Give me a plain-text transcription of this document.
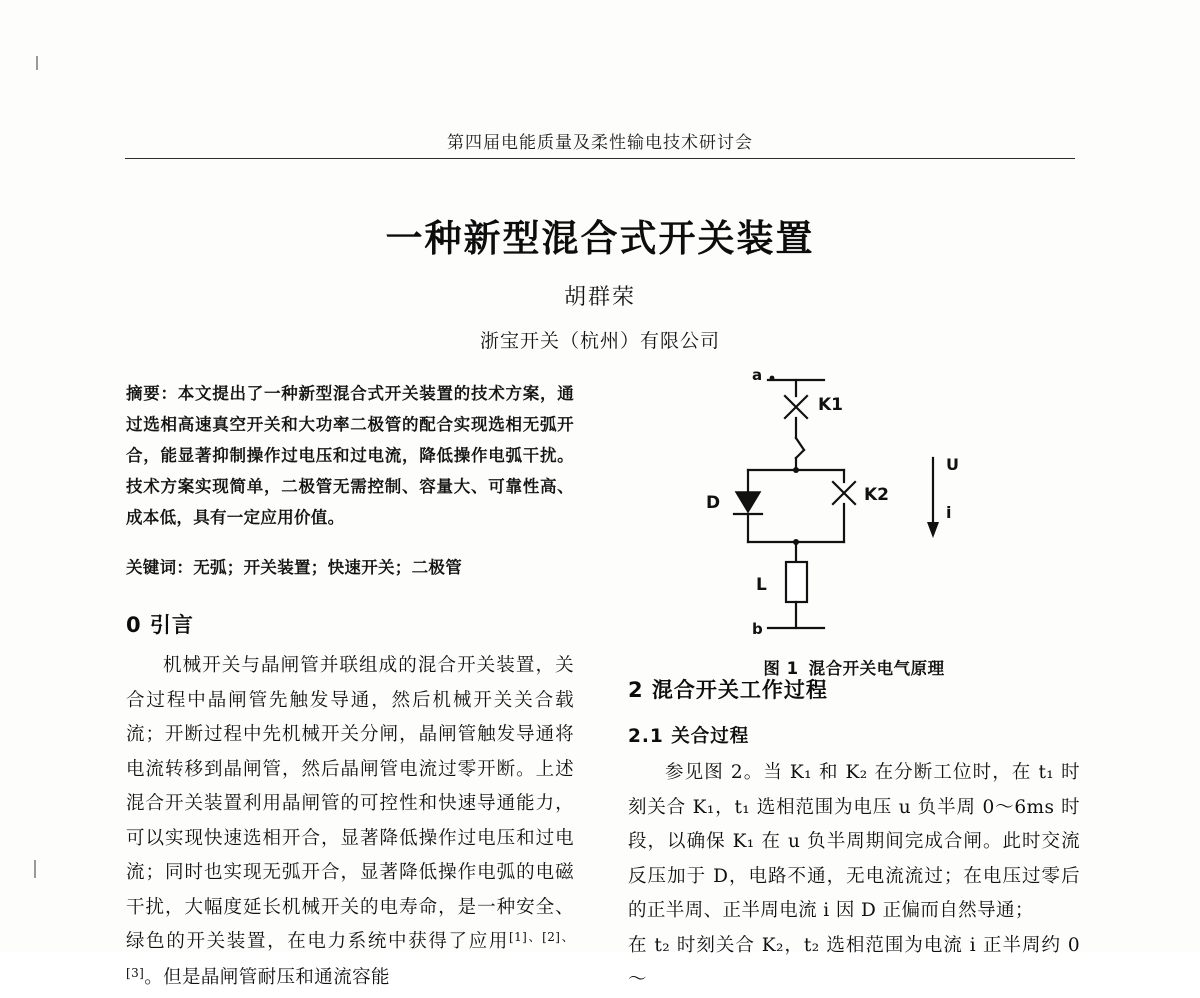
第四届电能质量及柔性输电技术研讨会
一种新型混合式开关装置
胡群荣
浙宝开关（杭州）有限公司
摘要：本文提出了一种新型混合式开关装置的技术方案，通过选相高速真空开关和大功率二极管的配合实现选相无弧开合，能显著抑制操作过电压和过电流，降低操作电弧干扰。技术方案实现简单，二极管无需控制、容量大、可靠性高、成本低，具有一定应用价值。
关键词：无弧；开关装置；快速开关；二极管
0 引言

机械开关与晶闸管并联组成的混合开关装置，关合过程中晶闸管先触发导通，然后机械开关关合载流；开断过程中先机械开关分闸，晶闸管触发导通将电流转移到晶闸管，然后晶闸管电流过零开断。上述混合开关装置利用晶闸管的可控性和快速导通能力，可以实现快速选相开合，显著降低操作过电压和过电流；同时也实现无弧开合，显著降低操作电弧的电磁干扰，大幅度延长机械开关的电寿命，是一种安全、绿色的开关装置，在电力系统中获得了应用$_{[1]、[2]、[3]}$。但是晶闸管耐压和通流容能

a
b
K1
K2
D
L
U
i
图 1 混合开关电气原理
2 混合开关工作过程
2.1 关合过程

参见图 2。当 K₁ 和 K₂ 在分断工位时，在 t₁ 时刻关合 K₁，t₁ 选相范围为电压 u 负半周 0～6ms 时段，以确保 K₁ 在 u 负半周期间完成合闸。此时交流反压加于 D，电路不通，无电流流过；在电压过零后的正半周、正半周电流 i 因 D 正偏而自然导通；

在 t₂ 时刻关合 K₂，t₂ 选相范围为电流 i 正半周约 0～
